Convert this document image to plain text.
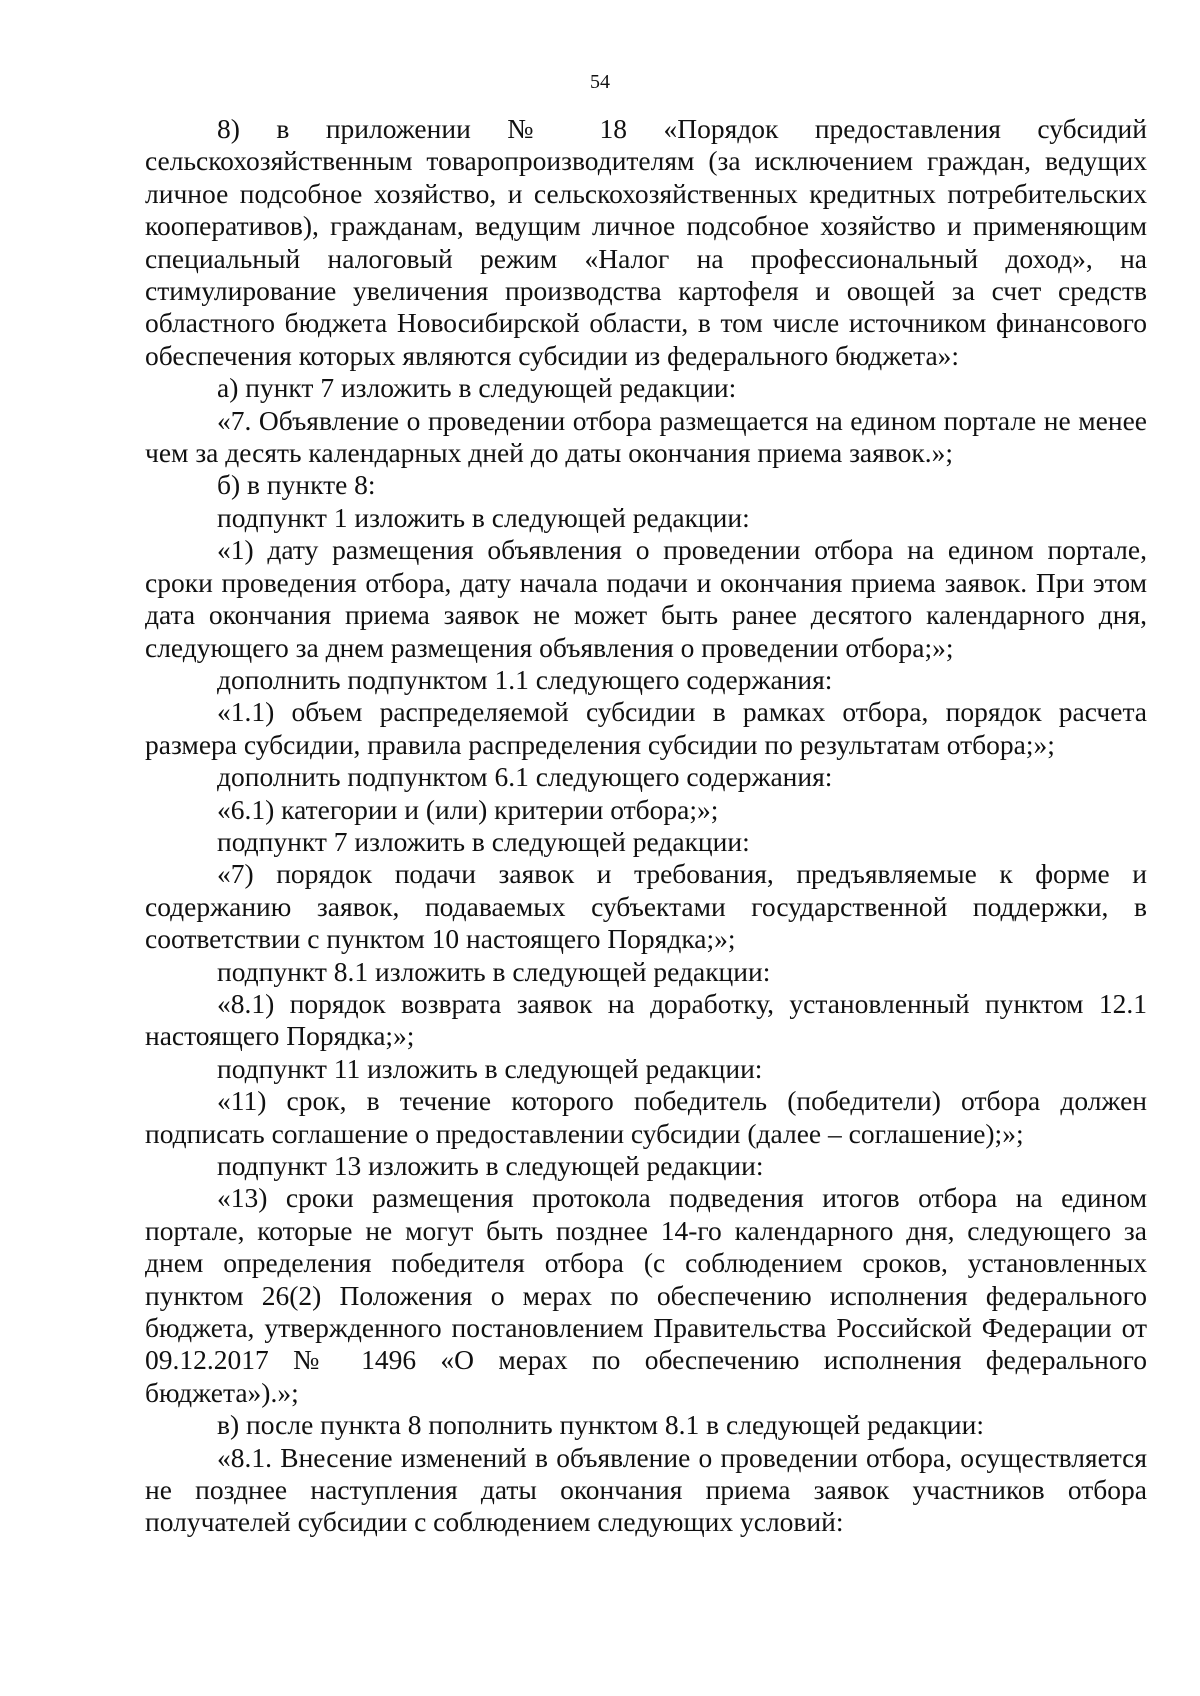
54

8) в приложении № 18 «Порядок предоставления субсидий сельскохозяйственным товаропроизводителям (за исключением граждан, ведущих личное подсобное хозяйство, и сельскохозяйственных кредитных потребительских кооперативов), гражданам, ведущим личное подсобное хозяйство и применяющим специальный налоговый режим «Налог на профессиональный доход», на стимулирование увеличения производства картофеля и овощей за счет средств областного бюджета Новосибирской области, в том числе источником финансового обеспечения которых являются субсидии из федерального бюджета»:

а) пункт 7 изложить в следующей редакции:

«7. Объявление о проведении отбора размещается на едином портале не менее чем за десять календарных дней до даты окончания приема заявок.»;

б) в пункте 8:

подпункт 1 изложить в следующей редакции:

«1) дату размещения объявления о проведении отбора на едином портале, сроки проведения отбора, дату начала подачи и окончания приема заявок. При этом дата окончания приема заявок не может быть ранее десятого календарного дня, следующего за днем размещения объявления о проведении отбора;»;

дополнить подпунктом 1.1 следующего содержания:

«1.1) объем распределяемой субсидии в рамках отбора, порядок расчета размера субсидии, правила распределения субсидии по результатам отбора;»;

дополнить подпунктом 6.1 следующего содержания:

«6.1) категории и (или) критерии отбора;»;

подпункт 7 изложить в следующей редакции:

«7) порядок подачи заявок и требования, предъявляемые к форме и содержанию заявок, подаваемых субъектами государственной поддержки, в соответствии с пунктом 10 настоящего Порядка;»;

подпункт 8.1 изложить в следующей редакции:

«8.1) порядок возврата заявок на доработку, установленный пунктом 12.1 настоящего Порядка;»;

подпункт 11 изложить в следующей редакции:

«11) срок, в течение которого победитель (победители) отбора должен подписать соглашение о предоставлении субсидии (далее – соглашение);»;

подпункт 13 изложить в следующей редакции:

«13) сроки размещения протокола подведения итогов отбора на едином портале, которые не могут быть позднее 14-го календарного дня, следующего за днем определения победителя отбора (с соблюдением сроков, установленных пунктом 26(2) Положения о мерах по обеспечению исполнения федерального бюджета, утвержденного постановлением Правительства Российской Федерации от 09.12.2017 № 1496 «О мерах по обеспечению исполнения федерального бюджета»).»;

в) после пункта 8 пополнить пунктом 8.1 в следующей редакции:

«8.1. Внесение изменений в объявление о проведении отбора, осуществляется не позднее наступления даты окончания приема заявок участников отбора получателей субсидии с соблюдением следующих условий:
